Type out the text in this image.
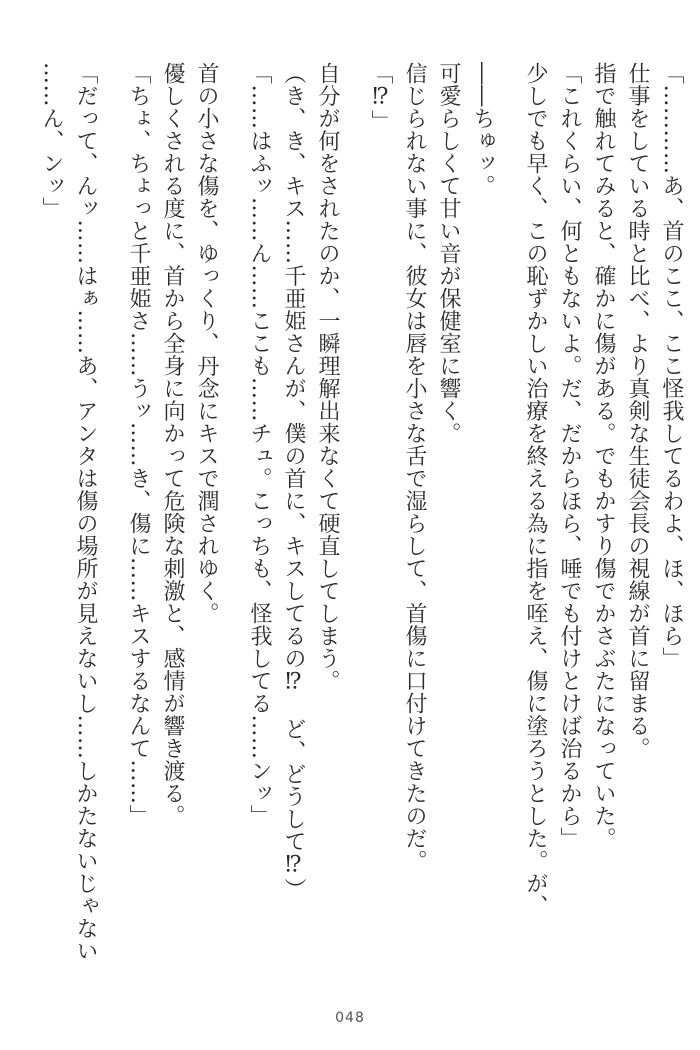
「…………あ、首のここ、ここ怪我してるわよ、ほ、ほら」
仕事をしている時と比べ、より真剣な生徒会長の視線が首に留まる。
指で触れてみると、確かに傷がある。でもかすり傷でかさぶたになっていた。
「これくらい、何ともないよ。だ、だからほら、唾でも付けとけば治るから」
少しでも早く、この恥ずかしい治療を終える為に指を咥え、傷に塗ろうとした。が、
――ちゅッ。
可愛らしくて甘い音が保健室に響く。
信じられない事に、彼女は唇を小さな舌で湿らして、首傷に口付けてきたのだ。
「⁉」
自分が何をされたのか、一瞬理解出来なくて硬直してしまう。
（き、き、キス……千亜姫さんが、僕の首に、キスしてるの⁉　ど、どうして⁉）
「……はふッ……ん……ここも……チュ。こっちも、怪我してる……ンッ」
首の小さな傷を、ゆっくり、丹念にキスで潤されゆく。
優しくされる度に、首から全身に向かって危険な刺激と、感情が響き渡る。
「ちょ、ちょっと千亜姫さ……うッ……き、傷に……キスするなんて……」
「だって、んッ……はぁ……あ、アンタは傷の場所が見えないし……しかたないじゃない
……ん、ンッ」
048
